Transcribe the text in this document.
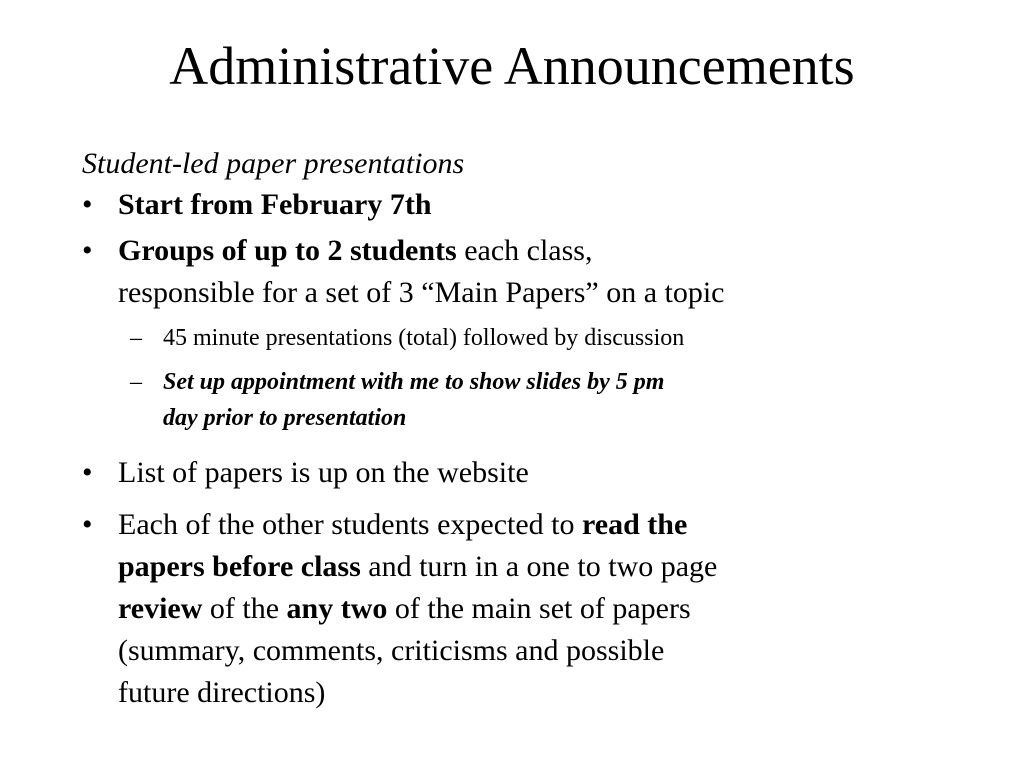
Administrative Announcements
Student-led paper presentations
• Start from February 7th
• Groups of up to 2 students each class,
responsible for a set of 3 “Main Papers” on a topic
– 45 minute presentations (total) followed by discussion
– Set up appointment with me to show slides by 5 pm
day prior to presentation
• List of papers is up on the website
• Each of the other students expected to read the
papers before class and turn in a one to two page
review of the any two of the main set of papers
(summary, comments, criticisms and possible
future directions)
